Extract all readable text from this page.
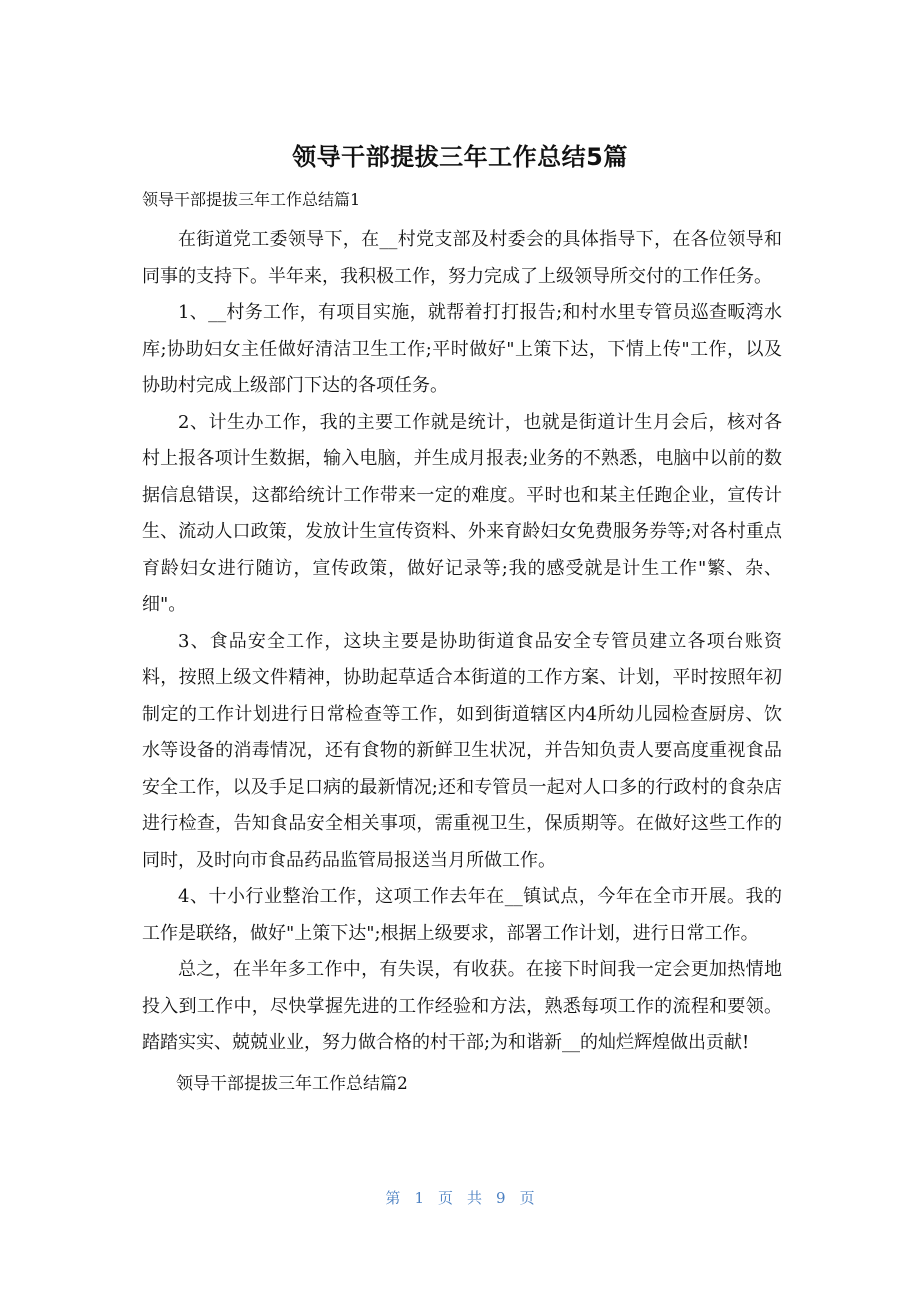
领导干部提拔三年工作总结5篇
领导干部提拔三年工作总结篇1

在街道党工委领导下，在__村党支部及村委会的具体指导下，在各位领导和同事的支持下。半年来，我积极工作，努力完成了上级领导所交付的工作任务。

1、__村务工作，有项目实施，就帮着打打报告;和村水里专管员巡查畈湾水库;协助妇女主任做好清洁卫生工作;平时做好"上策下达，下情上传"工作，以及协助村完成上级部门下达的各项任务。

2、计生办工作，我的主要工作就是统计，也就是街道计生月会后，核对各村上报各项计生数据，输入电脑，并生成月报表;业务的不熟悉，电脑中以前的数据信息错误，这都给统计工作带来一定的难度。平时也和某主任跑企业，宣传计生、流动人口政策，发放计生宣传资料、外来育龄妇女免费服务券等;对各村重点育龄妇女进行随访，宣传政策，做好记录等;我的感受就是计生工作"繁、杂、细"。

3、食品安全工作，这块主要是协助街道食品安全专管员建立各项台账资料，按照上级文件精神，协助起草适合本街道的工作方案、计划，平时按照年初制定的工作计划进行日常检查等工作，如到街道辖区内4所幼儿园检查厨房、饮水等设备的消毒情况，还有食物的新鲜卫生状况，并告知负责人要高度重视食品安全工作，以及手足口病的最新情况;还和专管员一起对人口多的行政村的食杂店进行检查，告知食品安全相关事项，需重视卫生，保质期等。在做好这些工作的同时，及时向市食品药品监管局报送当月所做工作。

4、十小行业整治工作，这项工作去年在__镇试点，今年在全市开展。我的工作是联络，做好"上策下达";根据上级要求，部署工作计划，进行日常工作。

总之，在半年多工作中，有失误，有收获。在接下时间我一定会更加热情地投入到工作中，尽快掌握先进的工作经验和方法，熟悉每项工作的流程和要领。踏踏实实、兢兢业业，努力做合格的村干部;为和谐新__的灿烂辉煌做出贡献!

领导干部提拔三年工作总结篇2

第 1 页 共 9 页
